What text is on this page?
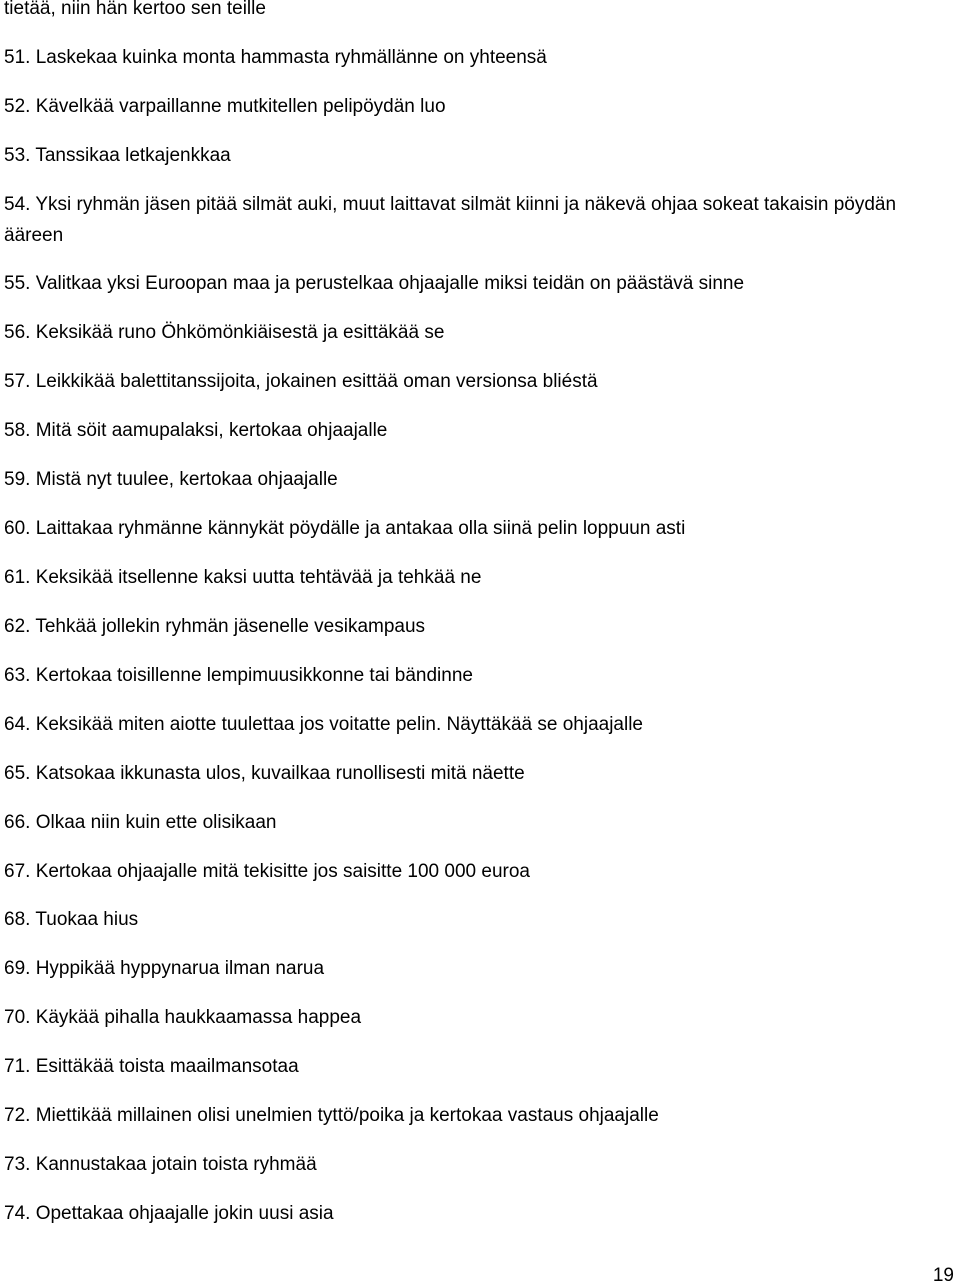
tietää, niin hän kertoo sen teille
51. Laskekaa kuinka monta hammasta ryhmällänne on yhteensä
52. Kävelkää varpaillanne mutkitellen pelipöydän luo
53. Tanssikaa letkajenkkaa
54. Yksi ryhmän jäsen pitää silmät auki, muut laittavat silmät kiinni ja näkevä ohjaa sokeat takaisin pöydän
ääreen
55. Valitkaa yksi Euroopan maa ja perustelkaa ohjaajalle miksi teidän on päästävä sinne
56. Keksikää runo Öhkömönkiäisestä ja esittäkää se
57. Leikkikää balettitanssijoita, jokainen esittää oman versionsa bliéstä
58. Mitä söit aamupalaksi, kertokaa ohjaajalle
59. Mistä nyt tuulee, kertokaa ohjaajalle
60. Laittakaa ryhmänne kännykät pöydälle ja antakaa olla siinä pelin loppuun asti
61. Keksikää itsellenne kaksi uutta tehtävää ja tehkää ne
62. Tehkää jollekin ryhmän jäsenelle vesikampaus
63. Kertokaa toisillenne lempimuusikkonne tai bändinne
64. Keksikää miten aiotte tuulettaa jos voitatte pelin. Näyttäkää se ohjaajalle
65. Katsokaa ikkunasta ulos, kuvailkaa runollisesti mitä näette
66. Olkaa niin kuin ette olisikaan
67. Kertokaa ohjaajalle mitä tekisitte jos saisitte 100 000 euroa
68. Tuokaa hius
69. Hyppikää hyppynarua ilman narua
70. Käykää pihalla haukkaamassa happea
71. Esittäkää toista maailmansotaa
72. Miettikää millainen olisi unelmien tyttö/poika ja kertokaa vastaus ohjaajalle
73. Kannustakaa jotain toista ryhmää
74. Opettakaa ohjaajalle jokin uusi asia
19
